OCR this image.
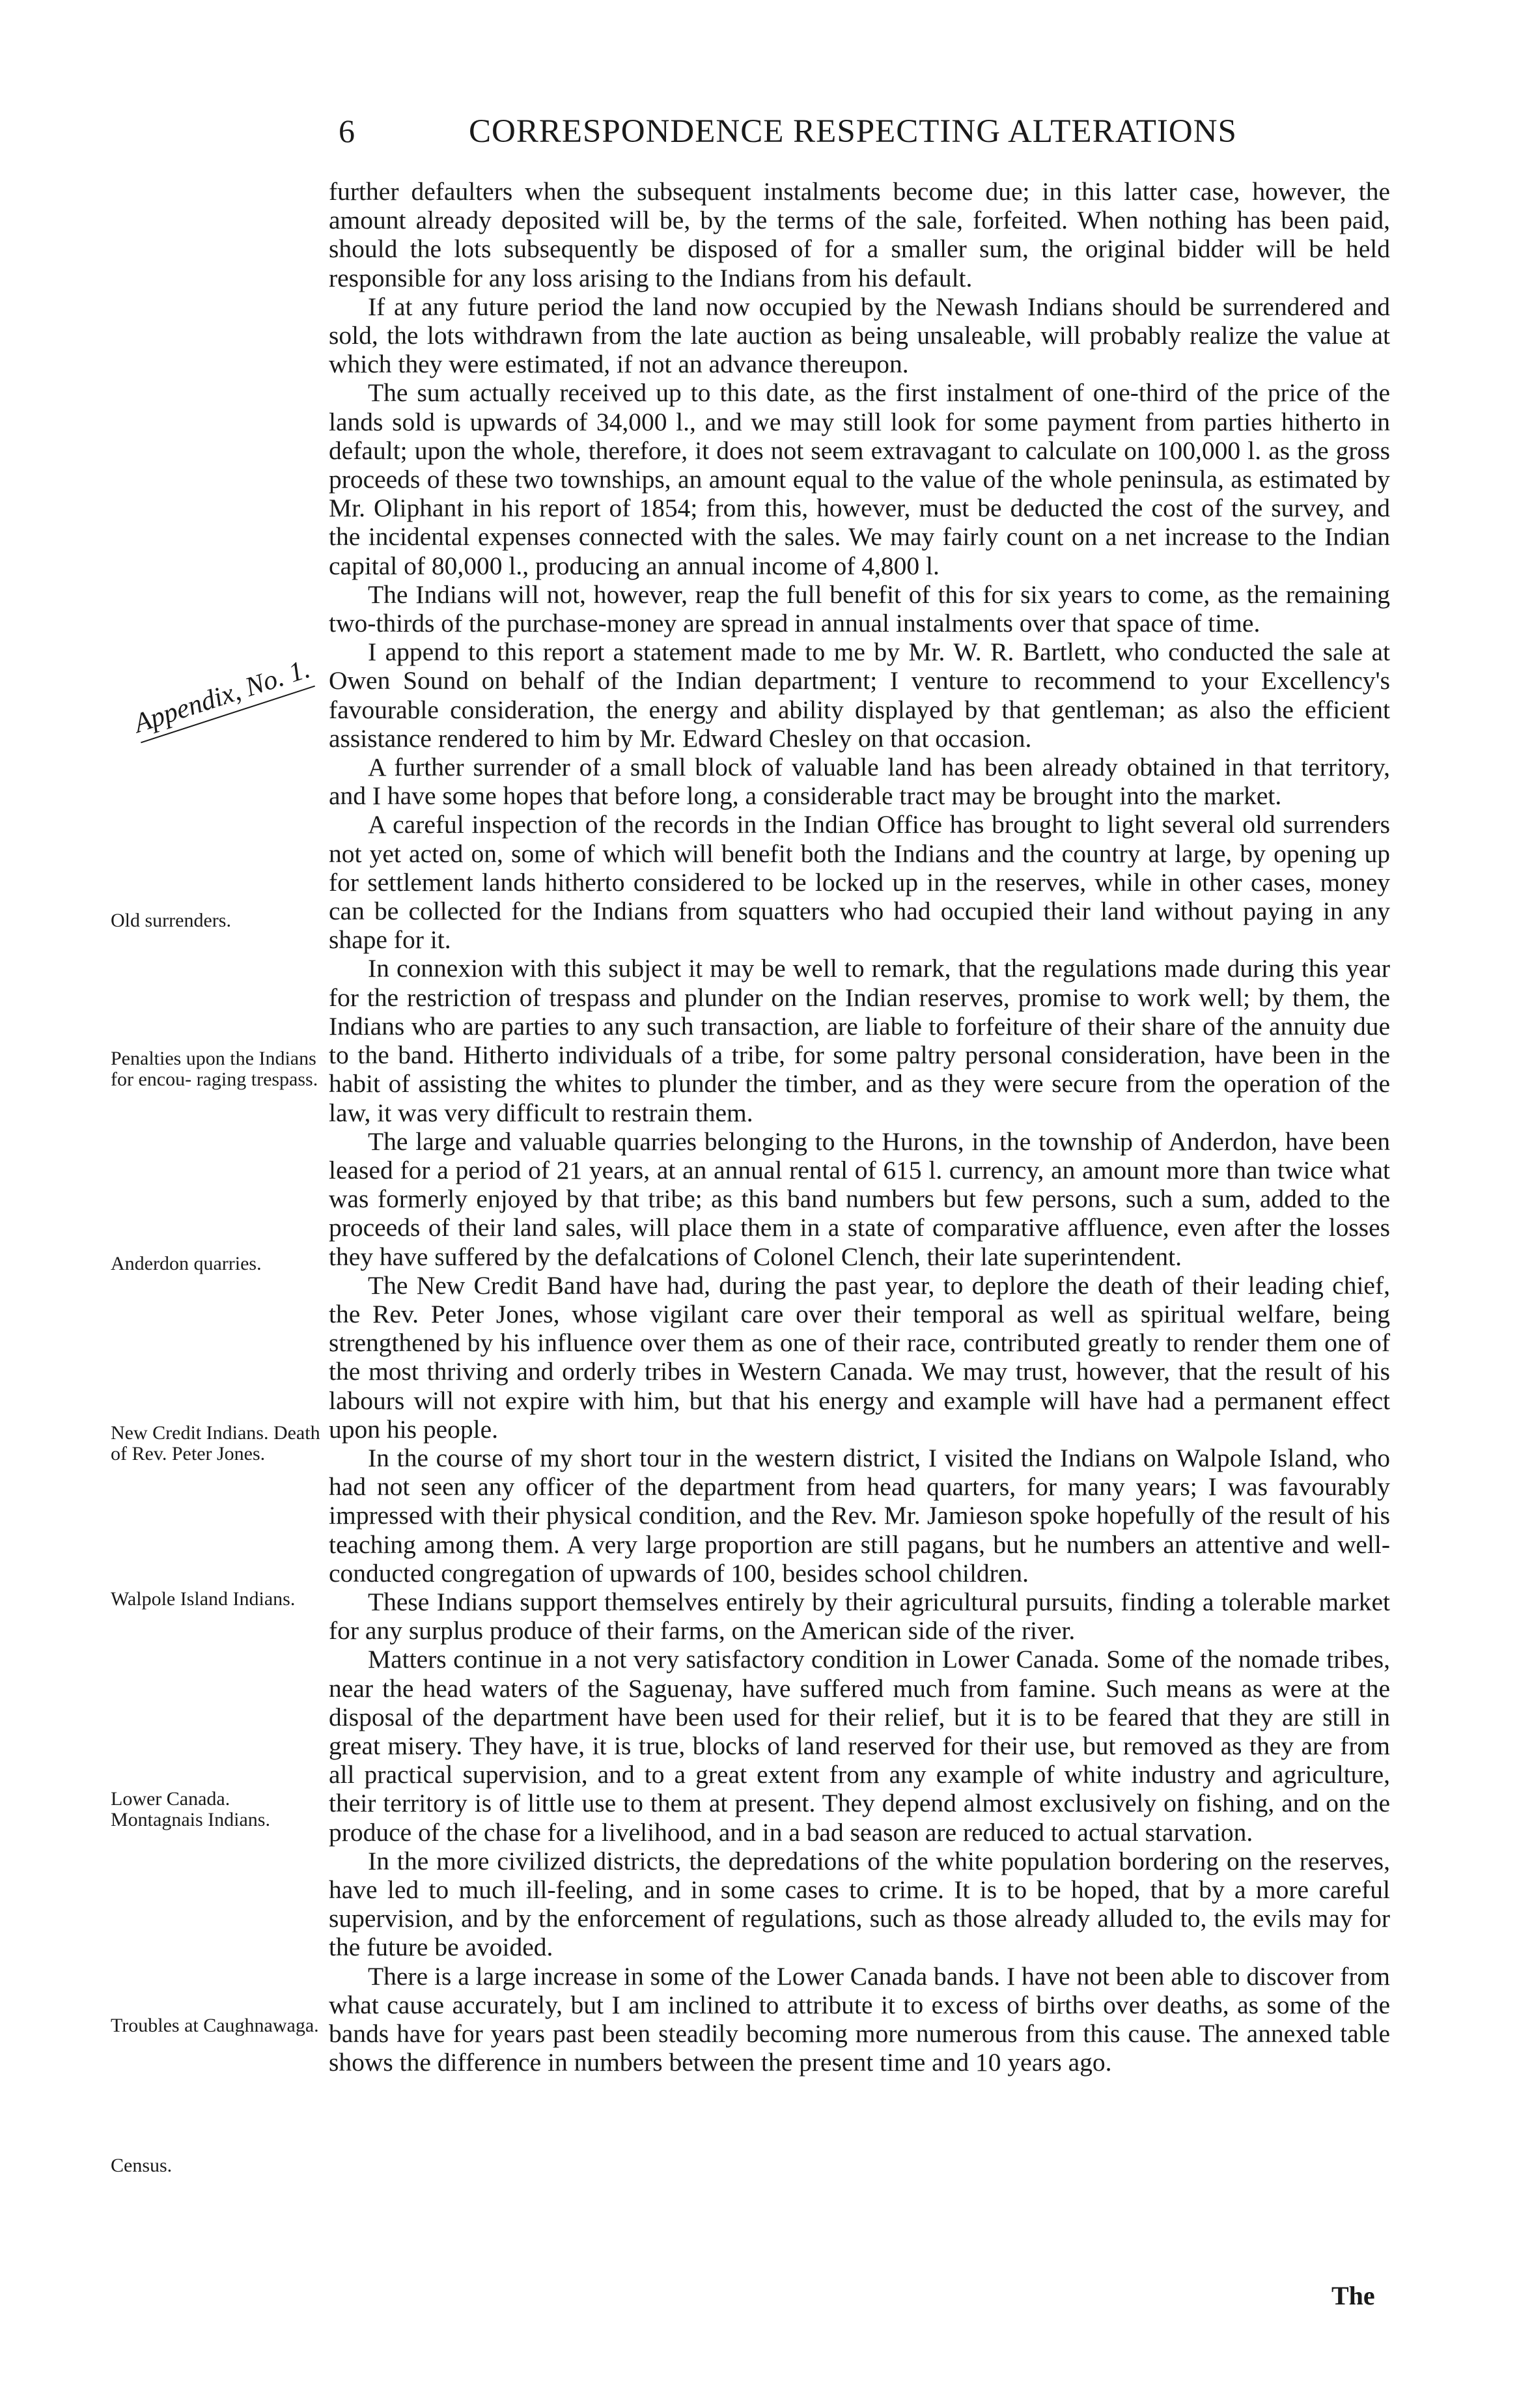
6	CORRESPONDENCE RESPECTING ALTERATIONS
Appendix, No. 1.
Old surrenders.
Penalties upon the Indians for encou- raging trespass.
Anderdon quarries.
New Credit Indians. Death of Rev. Peter Jones.
Walpole Island Indians.
Lower Canada. Montagnais Indians.
Troubles at Caughnawaga.
Census.

further defaulters when the subsequent instalments become due; in this latter case, however, the amount already deposited will be, by the terms of the sale, forfeited. When nothing has been paid, should the lots subsequently be disposed of for a smaller sum, the original bidder will be held responsible for any loss arising to the Indians from his default.

If at any future period the land now occupied by the Newash Indians should be surrendered and sold, the lots withdrawn from the late auction as being unsaleable, will probably realize the value at which they were estimated, if not an advance thereupon.

The sum actually received up to this date, as the first instalment of one-third of the price of the lands sold is upwards of 34,000 l., and we may still look for some payment from parties hitherto in default; upon the whole, therefore, it does not seem extravagant to calculate on 100,000 l. as the gross proceeds of these two townships, an amount equal to the value of the whole peninsula, as estimated by Mr. Oliphant in his report of 1854; from this, however, must be deducted the cost of the survey, and the incidental expenses connected with the sales. We may fairly count on a net increase to the Indian capital of 80,000 l., producing an annual income of 4,800 l.

The Indians will not, however, reap the full benefit of this for six years to come, as the remaining two-thirds of the purchase-money are spread in annual instalments over that space of time.

I append to this report a statement made to me by Mr. W. R. Bartlett, who conducted the sale at Owen Sound on behalf of the Indian department; I venture to recommend to your Excellency's favourable consideration, the energy and ability displayed by that gentleman; as also the efficient assistance rendered to him by Mr. Edward Chesley on that occasion.

A further surrender of a small block of valuable land has been already obtained in that territory, and I have some hopes that before long, a considerable tract may be brought into the market.

A careful inspection of the records in the Indian Office has brought to light several old surrenders not yet acted on, some of which will benefit both the Indians and the country at large, by opening up for settlement lands hitherto considered to be locked up in the reserves, while in other cases, money can be collected for the Indians from squatters who had occupied their land without paying in any shape for it.

In connexion with this subject it may be well to remark, that the regulations made during this year for the restriction of trespass and plunder on the Indian reserves, promise to work well; by them, the Indians who are parties to any such transaction, are liable to forfeiture of their share of the annuity due to the band. Hitherto individuals of a tribe, for some paltry personal consideration, have been in the habit of assisting the whites to plunder the timber, and as they were secure from the operation of the law, it was very difficult to restrain them.

The large and valuable quarries belonging to the Hurons, in the township of Anderdon, have been leased for a period of 21 years, at an annual rental of 615 l. currency, an amount more than twice what was formerly enjoyed by that tribe; as this band numbers but few persons, such a sum, added to the proceeds of their land sales, will place them in a state of comparative affluence, even after the losses they have suffered by the defalcations of Colonel Clench, their late superintendent.

The New Credit Band have had, during the past year, to deplore the death of their leading chief, the Rev. Peter Jones, whose vigilant care over their temporal as well as spiritual welfare, being strengthened by his influence over them as one of their race, contributed greatly to render them one of the most thriving and orderly tribes in Western Canada. We may trust, however, that the result of his labours will not expire with him, but that his energy and example will have had a permanent effect upon his people.

In the course of my short tour in the western district, I visited the Indians on Walpole Island, who had not seen any officer of the department from head quarters, for many years; I was favourably impressed with their physical condition, and the Rev. Mr. Jamieson spoke hopefully of the result of his teaching among them. A very large proportion are still pagans, but he numbers an attentive and well-conducted congregation of upwards of 100, besides school children.

These Indians support themselves entirely by their agricultural pursuits, finding a tolerable market for any surplus produce of their farms, on the American side of the river.

Matters continue in a not very satisfactory condition in Lower Canada. Some of the nomade tribes, near the head waters of the Saguenay, have suffered much from famine. Such means as were at the disposal of the department have been used for their relief, but it is to be feared that they are still in great misery. They have, it is true, blocks of land reserved for their use, but removed as they are from all practical supervision, and to a great extent from any example of white industry and agriculture, their territory is of little use to them at present. They depend almost exclusively on fishing, and on the produce of the chase for a livelihood, and in a bad season are reduced to actual starvation.

In the more civilized districts, the depredations of the white population bordering on the reserves, have led to much ill-feeling, and in some cases to crime. It is to be hoped, that by a more careful supervision, and by the enforcement of regulations, such as those already alluded to, the evils may for the future be avoided.

There is a large increase in some of the Lower Canada bands. I have not been able to discover from what cause accurately, but I am inclined to attribute it to excess of births over deaths, as some of the bands have for years past been steadily becoming more numerous from this cause. The annexed table shows the difference in numbers between the present time and 10 years ago.

The
